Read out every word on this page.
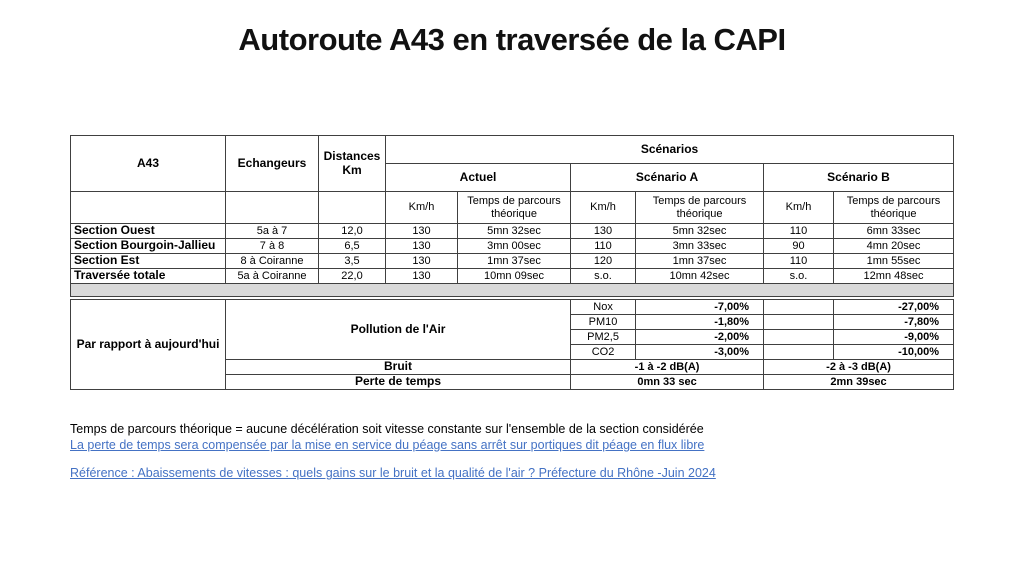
Autoroute A43 en traversée de la CAPI
A43	Echangeurs	Distances Km	Scénarios					
			Actuel		Scénario A		Scénario B	
			Km/h	Temps de parcours théorique	Km/h	Temps de parcours théorique	Km/h	Temps de parcours théorique
Section Ouest	5a à 7	12,0	130	5mn 32sec	130	5mn 32sec	110	6mn 33sec
Section Bourgoin-Jallieu	7 à 8	6,5	130	3mn 00sec	110	3mn 33sec	90	4mn 20sec
Section Est	8 à Coiranne	3,5	130	1mn 37sec	120	1mn 37sec	110	1mn 55sec
Traversée totale	5a à Coiranne	22,0	130	10mn 09sec	s.o.	10mn 42sec	s.o.	12mn 48sec
Par rapport à aujourd'hui	Pollution de l'Air	Nox	-7,00%		-27,00%
		PM10	-1,80%		-7,80%
		PM2,5	-2,00%		-9,00%
		CO2	-3,00%		-10,00%
	Bruit	-1 à -2 dB(A)		-2 à -3 dB(A)	
	Perte de temps	0mn 33 sec		2mn 39sec	

Temps de parcours théorique = aucune décélération soit vitesse constante sur l'ensemble de la section considérée

La perte de temps sera compensée par la mise en service du péage sans arrêt sur portiques dit péage en flux libre

Référence : Abaissements de vitesses : quels gains sur le bruit et la qualité de l'air ? Préfecture du Rhône -Juin 2024
